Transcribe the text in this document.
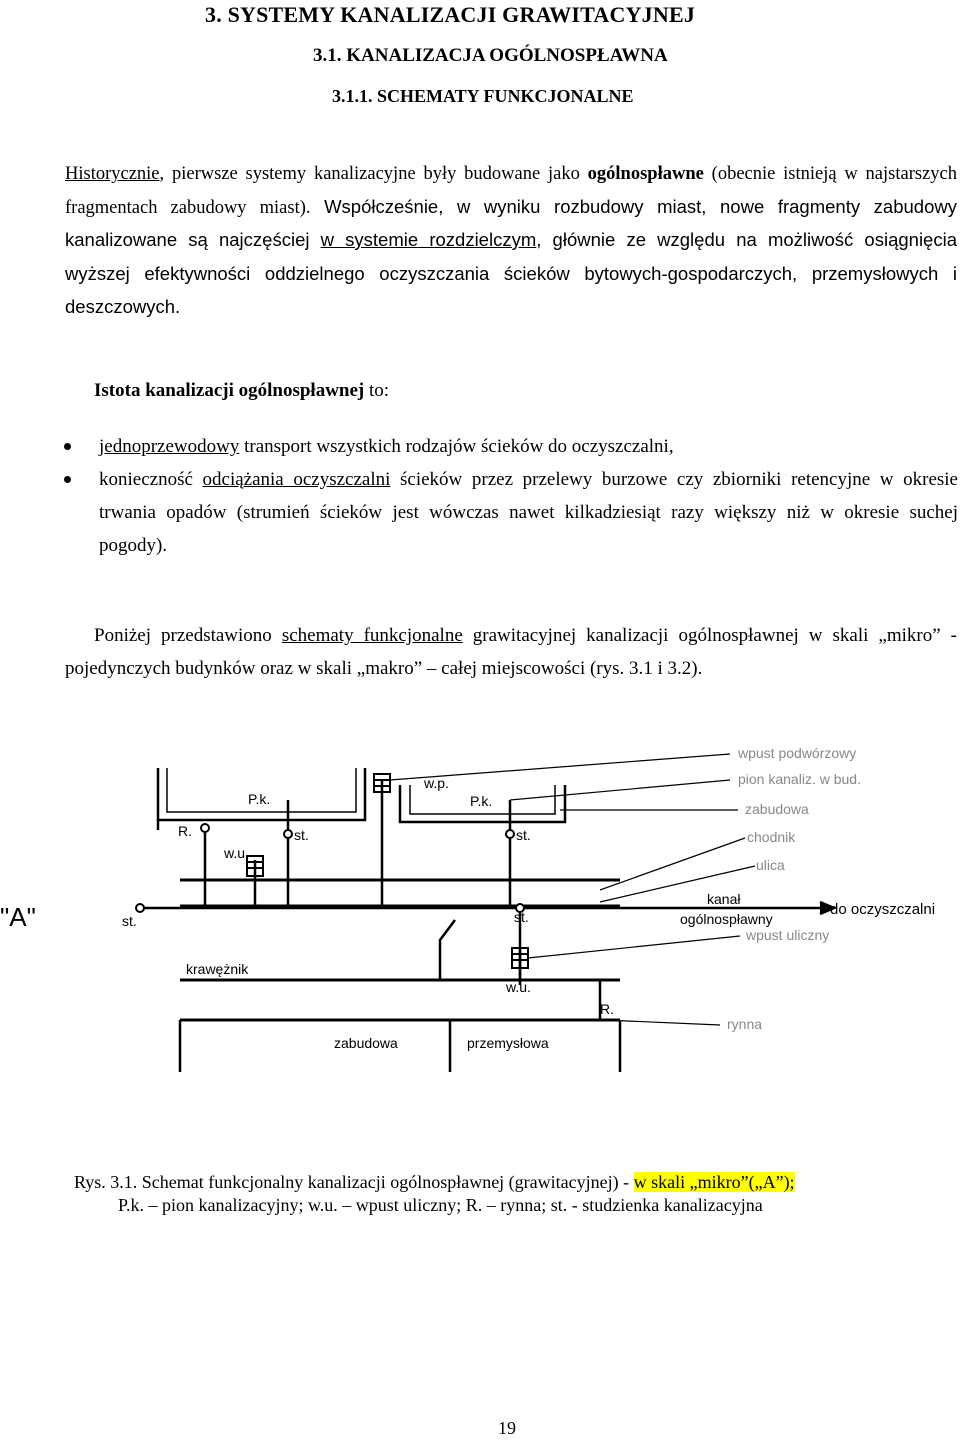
3. SYSTEMY KANALIZACJI GRAWITACYJNEJ
3.1. KANALIZACJA OGÓLNOSPŁAWNA
3.1.1. SCHEMATY FUNKCJONALNE
Historycznie, pierwsze systemy kanalizacyjne były budowane jako ogólnospławne (obecnie istnieją w najstarszych fragmentach zabudowy miast). Współcześnie, w wyniku rozbudowy miast, nowe fragmenty zabudowy kanalizowane są najczęściej w systemie rozdzielczym, głównie ze względu na możliwość osiągnięcia wyższej efektywności oddzielnego oczyszczania ścieków bytowych-gospodarczych, przemysłowych i deszczowych.
Istota kanalizacji ogólnospławnej to:
jednoprzewodowy transport wszystkich rodzajów ścieków do oczyszczalni,
konieczność odciążania oczyszczalni ścieków przez przelewy burzowe czy zbiorniki retencyjne w okresie trwania opadów (strumień ścieków jest wówczas nawet kilkadziesiąt razy większy niż w okresie suchej pogody).
Poniżej przedstawiono schematy funkcjonalne grawitacyjnej kanalizacji ogólnospławnej w skali „mikro” - pojedynczych budynków oraz w skali „makro” – całej miejscowości (rys. 3.1 i 3.2).
P.k.	P.k.
R.
R.
w.u.
w.u.
w.p.
st.	st.
st.
st.
krawężnik
zabudowa	przemysłowa
kanał
ogólnospławny
do oczyszczalni
"A"
wpust podwórzowy
pion kanaliz. w bud.
zabudowa
chodnik
ulica
wpust uliczny
rynna
Rys. 3.1. Schemat funkcjonalny kanalizacji ogólnospławnej (grawitacyjnej) - w skali „mikro”(„A”);
P.k. – pion kanalizacyjny; w.u. – wpust uliczny; R. – rynna; st. - studzienka kanalizacyjna
19
